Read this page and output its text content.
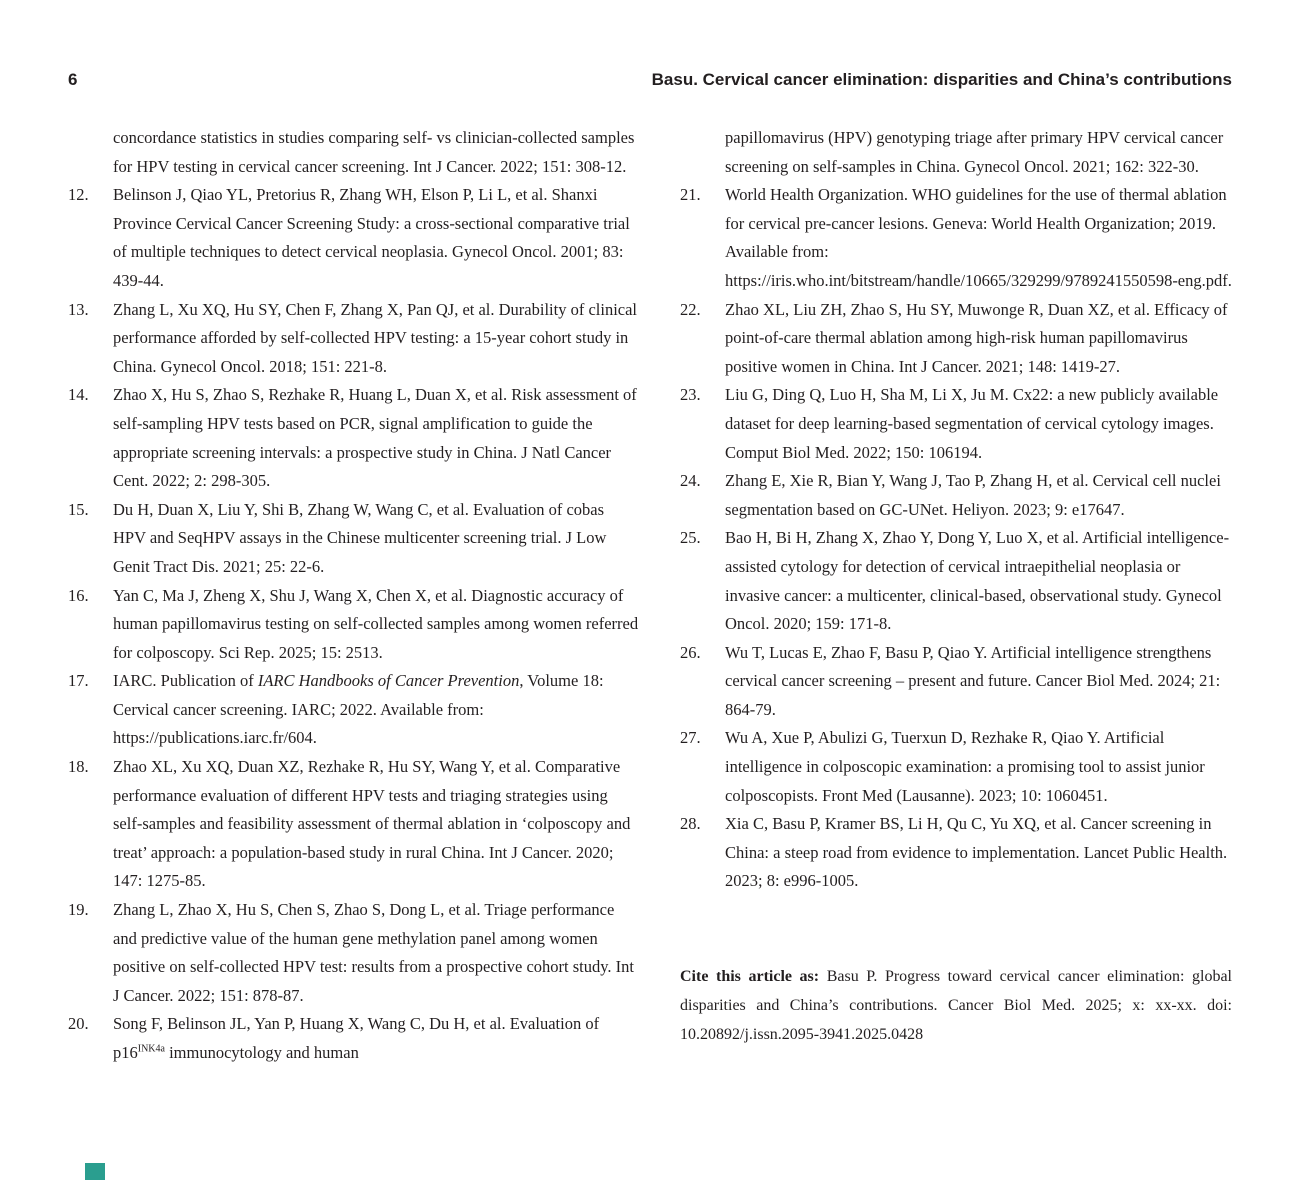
6	Basu. Cervical cancer elimination: disparities and China’s contributions
concordance statistics in studies comparing self- vs clinician-collected samples for HPV testing in cervical cancer screening. Int J Cancer. 2022; 151: 308-12.
12.	Belinson J, Qiao YL, Pretorius R, Zhang WH, Elson P, Li L, et al. Shanxi Province Cervical Cancer Screening Study: a cross-sectional comparative trial of multiple techniques to detect cervical neoplasia. Gynecol Oncol. 2001; 83: 439-44.
13.	Zhang L, Xu XQ, Hu SY, Chen F, Zhang X, Pan QJ, et al. Durability of clinical performance afforded by self-collected HPV testing: a 15-year cohort study in China. Gynecol Oncol. 2018; 151: 221-8.
14.	Zhao X, Hu S, Zhao S, Rezhake R, Huang L, Duan X, et al. Risk assessment of self-sampling HPV tests based on PCR, signal amplification to guide the appropriate screening intervals: a prospective study in China. J Natl Cancer Cent. 2022; 2: 298-305.
15.	Du H, Duan X, Liu Y, Shi B, Zhang W, Wang C, et al. Evaluation of cobas HPV and SeqHPV assays in the Chinese multicenter screening trial. J Low Genit Tract Dis. 2021; 25: 22-6.
16.	Yan C, Ma J, Zheng X, Shu J, Wang X, Chen X, et al. Diagnostic accuracy of human papillomavirus testing on self-collected samples among women referred for colposcopy. Sci Rep. 2025; 15: 2513.
17.	IARC. Publication of IARC Handbooks of Cancer Prevention, Volume 18: Cervical cancer screening. IARC; 2022. Available from: https://publications.iarc.fr/604.
18.	Zhao XL, Xu XQ, Duan XZ, Rezhake R, Hu SY, Wang Y, et al. Comparative performance evaluation of different HPV tests and triaging strategies using self-samples and feasibility assessment of thermal ablation in ‘colposcopy and treat’ approach: a population-based study in rural China. Int J Cancer. 2020; 147: 1275-85.
19.	Zhang L, Zhao X, Hu S, Chen S, Zhao S, Dong L, et al. Triage performance and predictive value of the human gene methylation panel among women positive on self-collected HPV test: results from a prospective cohort study. Int J Cancer. 2022; 151: 878-87.
20.	Song F, Belinson JL, Yan P, Huang X, Wang C, Du H, et al. Evaluation of $p16^{INK4a}$ immunocytology and human
papillomavirus (HPV) genotyping triage after primary HPV cervical cancer screening on self-samples in China. Gynecol Oncol. 2021; 162: 322-30.
21.	World Health Organization. WHO guidelines for the use of thermal ablation for cervical pre-cancer lesions. Geneva: World Health Organization; 2019. Available from: https://iris.who.int/bitstream/handle/10665/329299/9789241550598-eng.pdf.
22.	Zhao XL, Liu ZH, Zhao S, Hu SY, Muwonge R, Duan XZ, et al. Efficacy of point-of-care thermal ablation among high-risk human papillomavirus positive women in China. Int J Cancer. 2021; 148: 1419-27.
23.	Liu G, Ding Q, Luo H, Sha M, Li X, Ju M. Cx22: a new publicly available dataset for deep learning-based segmentation of cervical cytology images. Comput Biol Med. 2022; 150: 106194.
24.	Zhang E, Xie R, Bian Y, Wang J, Tao P, Zhang H, et al. Cervical cell nuclei segmentation based on GC-UNet. Heliyon. 2023; 9: e17647.
25.	Bao H, Bi H, Zhang X, Zhao Y, Dong Y, Luo X, et al. Artificial intelligence-assisted cytology for detection of cervical intraepithelial neoplasia or invasive cancer: a multicenter, clinical-based, observational study. Gynecol Oncol. 2020; 159: 171-8.
26.	Wu T, Lucas E, Zhao F, Basu P, Qiao Y. Artificial intelligence strengthens cervical cancer screening – present and future. Cancer Biol Med. 2024; 21: 864-79.
27.	Wu A, Xue P, Abulizi G, Tuerxun D, Rezhake R, Qiao Y. Artificial intelligence in colposcopic examination: a promising tool to assist junior colposcopists. Front Med (Lausanne). 2023; 10: 1060451.
28.	Xia C, Basu P, Kramer BS, Li H, Qu C, Yu XQ, et al. Cancer screening in China: a steep road from evidence to implementation. Lancet Public Health. 2023; 8: e996-1005.
Cite this article as: Basu P. Progress toward cervical cancer elimination: global disparities and China’s contributions. Cancer Biol Med. 2025; x: xx-xx. doi: 10.20892/j.issn.2095-3941.2025.0428
